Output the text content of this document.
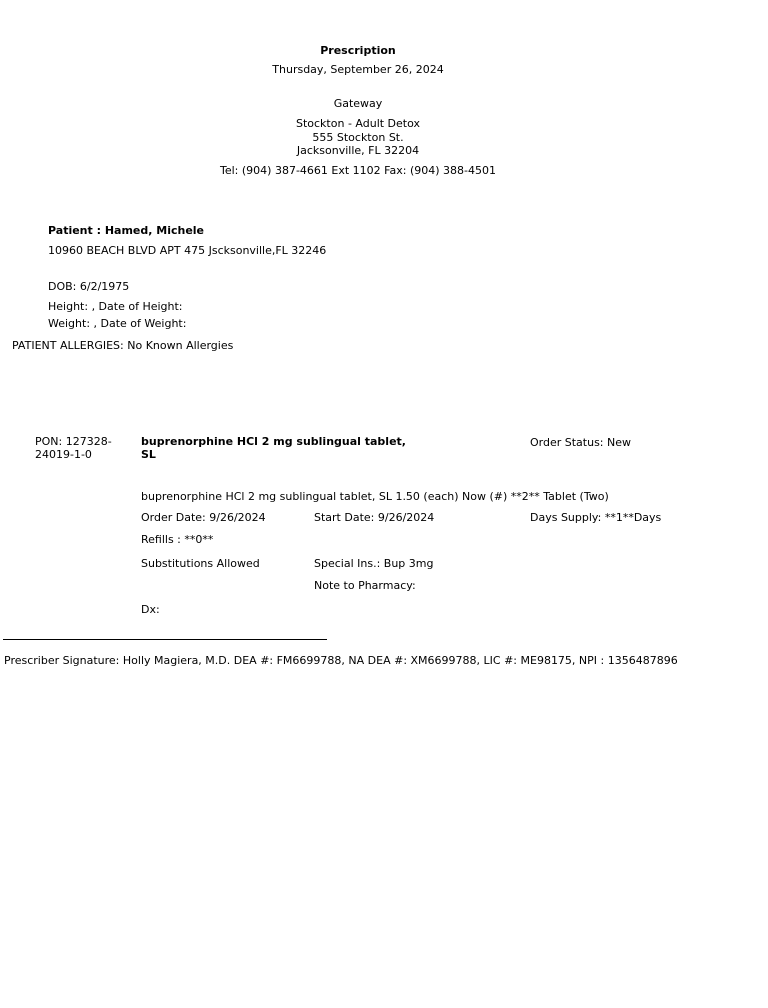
Prescription
Thursday, September 26, 2024
Gateway
Stockton - Adult Detox
555 Stockton St.
Jacksonville, FL 32204
Tel: (904) 387-4661 Ext 1102 Fax: (904) 388-4501
Patient : Hamed, Michele
10960 BEACH BLVD APT 475 Jscksonville,FL 32246
DOB: 6/2/1975
Height: , Date of Height:
Weight: , Date of Weight:
PATIENT ALLERGIES: No Known Allergies
PON: 127328-
24019-1-0
buprenorphine HCl 2 mg sublingual tablet,
SL
Order Status: New
buprenorphine HCl 2 mg sublingual tablet, SL 1.50 (each) Now (#) **2** Tablet (Two)
Order Date: 9/26/2024	Start Date: 9/26/2024	Days Supply: **1**Days
Refills : **0**
Substitutions Allowed	Special Ins.: Bup 3mg
Note to Pharmacy:
Dx:
Prescriber Signature: Holly Magiera, M.D. DEA #: FM6699788, NA DEA #: XM6699788, LIC #: ME98175, NPI : 1356487896
